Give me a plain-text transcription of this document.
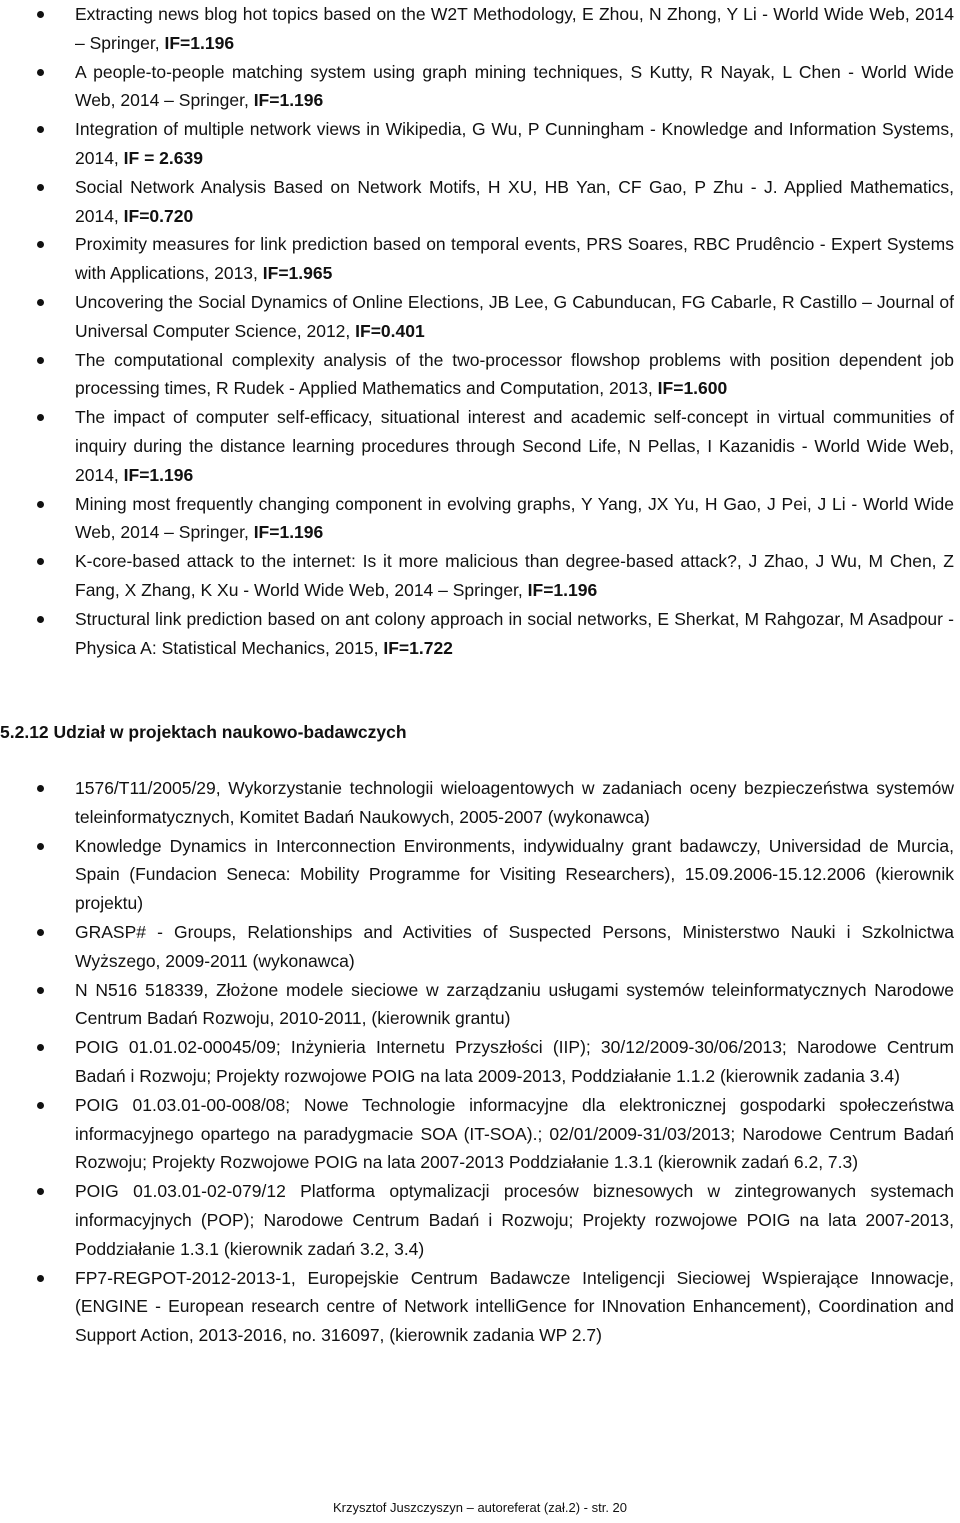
Extracting news blog hot topics based on the W2T Methodology, E Zhou, N Zhong, Y Li - World Wide Web, 2014 – Springer, IF=1.196
A people-to-people matching system using graph mining techniques, S Kutty, R Nayak, L Chen - World Wide Web, 2014 – Springer, IF=1.196
Integration of multiple network views in Wikipedia, G Wu, P Cunningham - Knowledge and Information Systems, 2014, IF = 2.639
Social Network Analysis Based on Network Motifs, H XU, HB Yan, CF Gao, P Zhu - J. Applied Mathematics, 2014, IF=0.720
Proximity measures for link prediction based on temporal events, PRS Soares, RBC Prudêncio - Expert Systems with Applications, 2013, IF=1.965
Uncovering the Social Dynamics of Online Elections, JB Lee, G Cabunducan, FG Cabarle, R Castillo – Journal of Universal Computer Science, 2012, IF=0.401
The computational complexity analysis of the two-processor flowshop problems with position dependent job processing times, R Rudek - Applied Mathematics and Computation, 2013, IF=1.600
The impact of computer self-efficacy, situational interest and academic self-concept in virtual communities of inquiry during the distance learning procedures through Second Life, N Pellas, I Kazanidis - World Wide Web, 2014, IF=1.196
Mining most frequently changing component in evolving graphs, Y Yang, JX Yu, H Gao, J Pei, J Li - World Wide Web, 2014 – Springer, IF=1.196
K-core-based attack to the internet: Is it more malicious than degree-based attack?, J Zhao, J Wu, M Chen, Z Fang, X Zhang, K Xu - World Wide Web, 2014 – Springer, IF=1.196
Structural link prediction based on ant colony approach in social networks, E Sherkat, M Rahgozar, M Asadpour - Physica A: Statistical Mechanics, 2015, IF=1.722
5.2.12 Udział w projektach naukowo-badawczych
1576/T11/2005/29, Wykorzystanie technologii wieloagentowych w zadaniach oceny bezpieczeństwa systemów teleinformatycznych, Komitet Badań Naukowych, 2005-2007 (wykonawca)
Knowledge Dynamics in Interconnection Environments, indywidualny grant badawczy, Universidad de Murcia, Spain (Fundacion Seneca: Mobility Programme for Visiting Researchers), 15.09.2006-15.12.2006 (kierownik projektu)
GRASP# - Groups, Relationships and Activities of Suspected Persons, Ministerstwo Nauki i Szkolnictwa Wyższego, 2009-2011 (wykonawca)
N N516 518339, Złożone modele sieciowe w zarządzaniu usługami systemów teleinformatycznych Narodowe Centrum Badań Rozwoju, 2010-2011, (kierownik grantu)
POIG 01.01.02-00045/09; Inżynieria Internetu Przyszłości (IIP); 30/12/2009-30/06/2013; Narodowe Centrum Badań i Rozwoju; Projekty rozwojowe POIG na lata 2009-2013, Poddziałanie 1.1.2 (kierownik zadania 3.4)
POIG 01.03.01-00-008/08; Nowe Technologie informacyjne dla elektronicznej gospodarki społeczeństwa informacyjnego opartego na paradygmacie SOA (IT-SOA).; 02/01/2009-31/03/2013; Narodowe Centrum Badań Rozwoju; Projekty Rozwojowe POIG na lata 2007-2013 Poddziałanie 1.3.1 (kierownik zadań 6.2, 7.3)
POIG 01.03.01-02-079/12 Platforma optymalizacji procesów biznesowych w zintegrowanych systemach informacyjnych (POP); Narodowe Centrum Badań i Rozwoju; Projekty rozwojowe POIG na lata 2007-2013, Poddziałanie 1.3.1 (kierownik zadań 3.2, 3.4)
FP7-REGPOT-2012-2013-1, Europejskie Centrum Badawcze Inteligencji Sieciowej Wspierające Innowacje, (ENGINE - European research centre of Network intelliGence for INnovation Enhancement), Coordination and Support Action, 2013-2016, no. 316097, (kierownik zadania WP 2.7)
Krzysztof Juszczyszyn – autoreferat (zał.2) - str. 20
